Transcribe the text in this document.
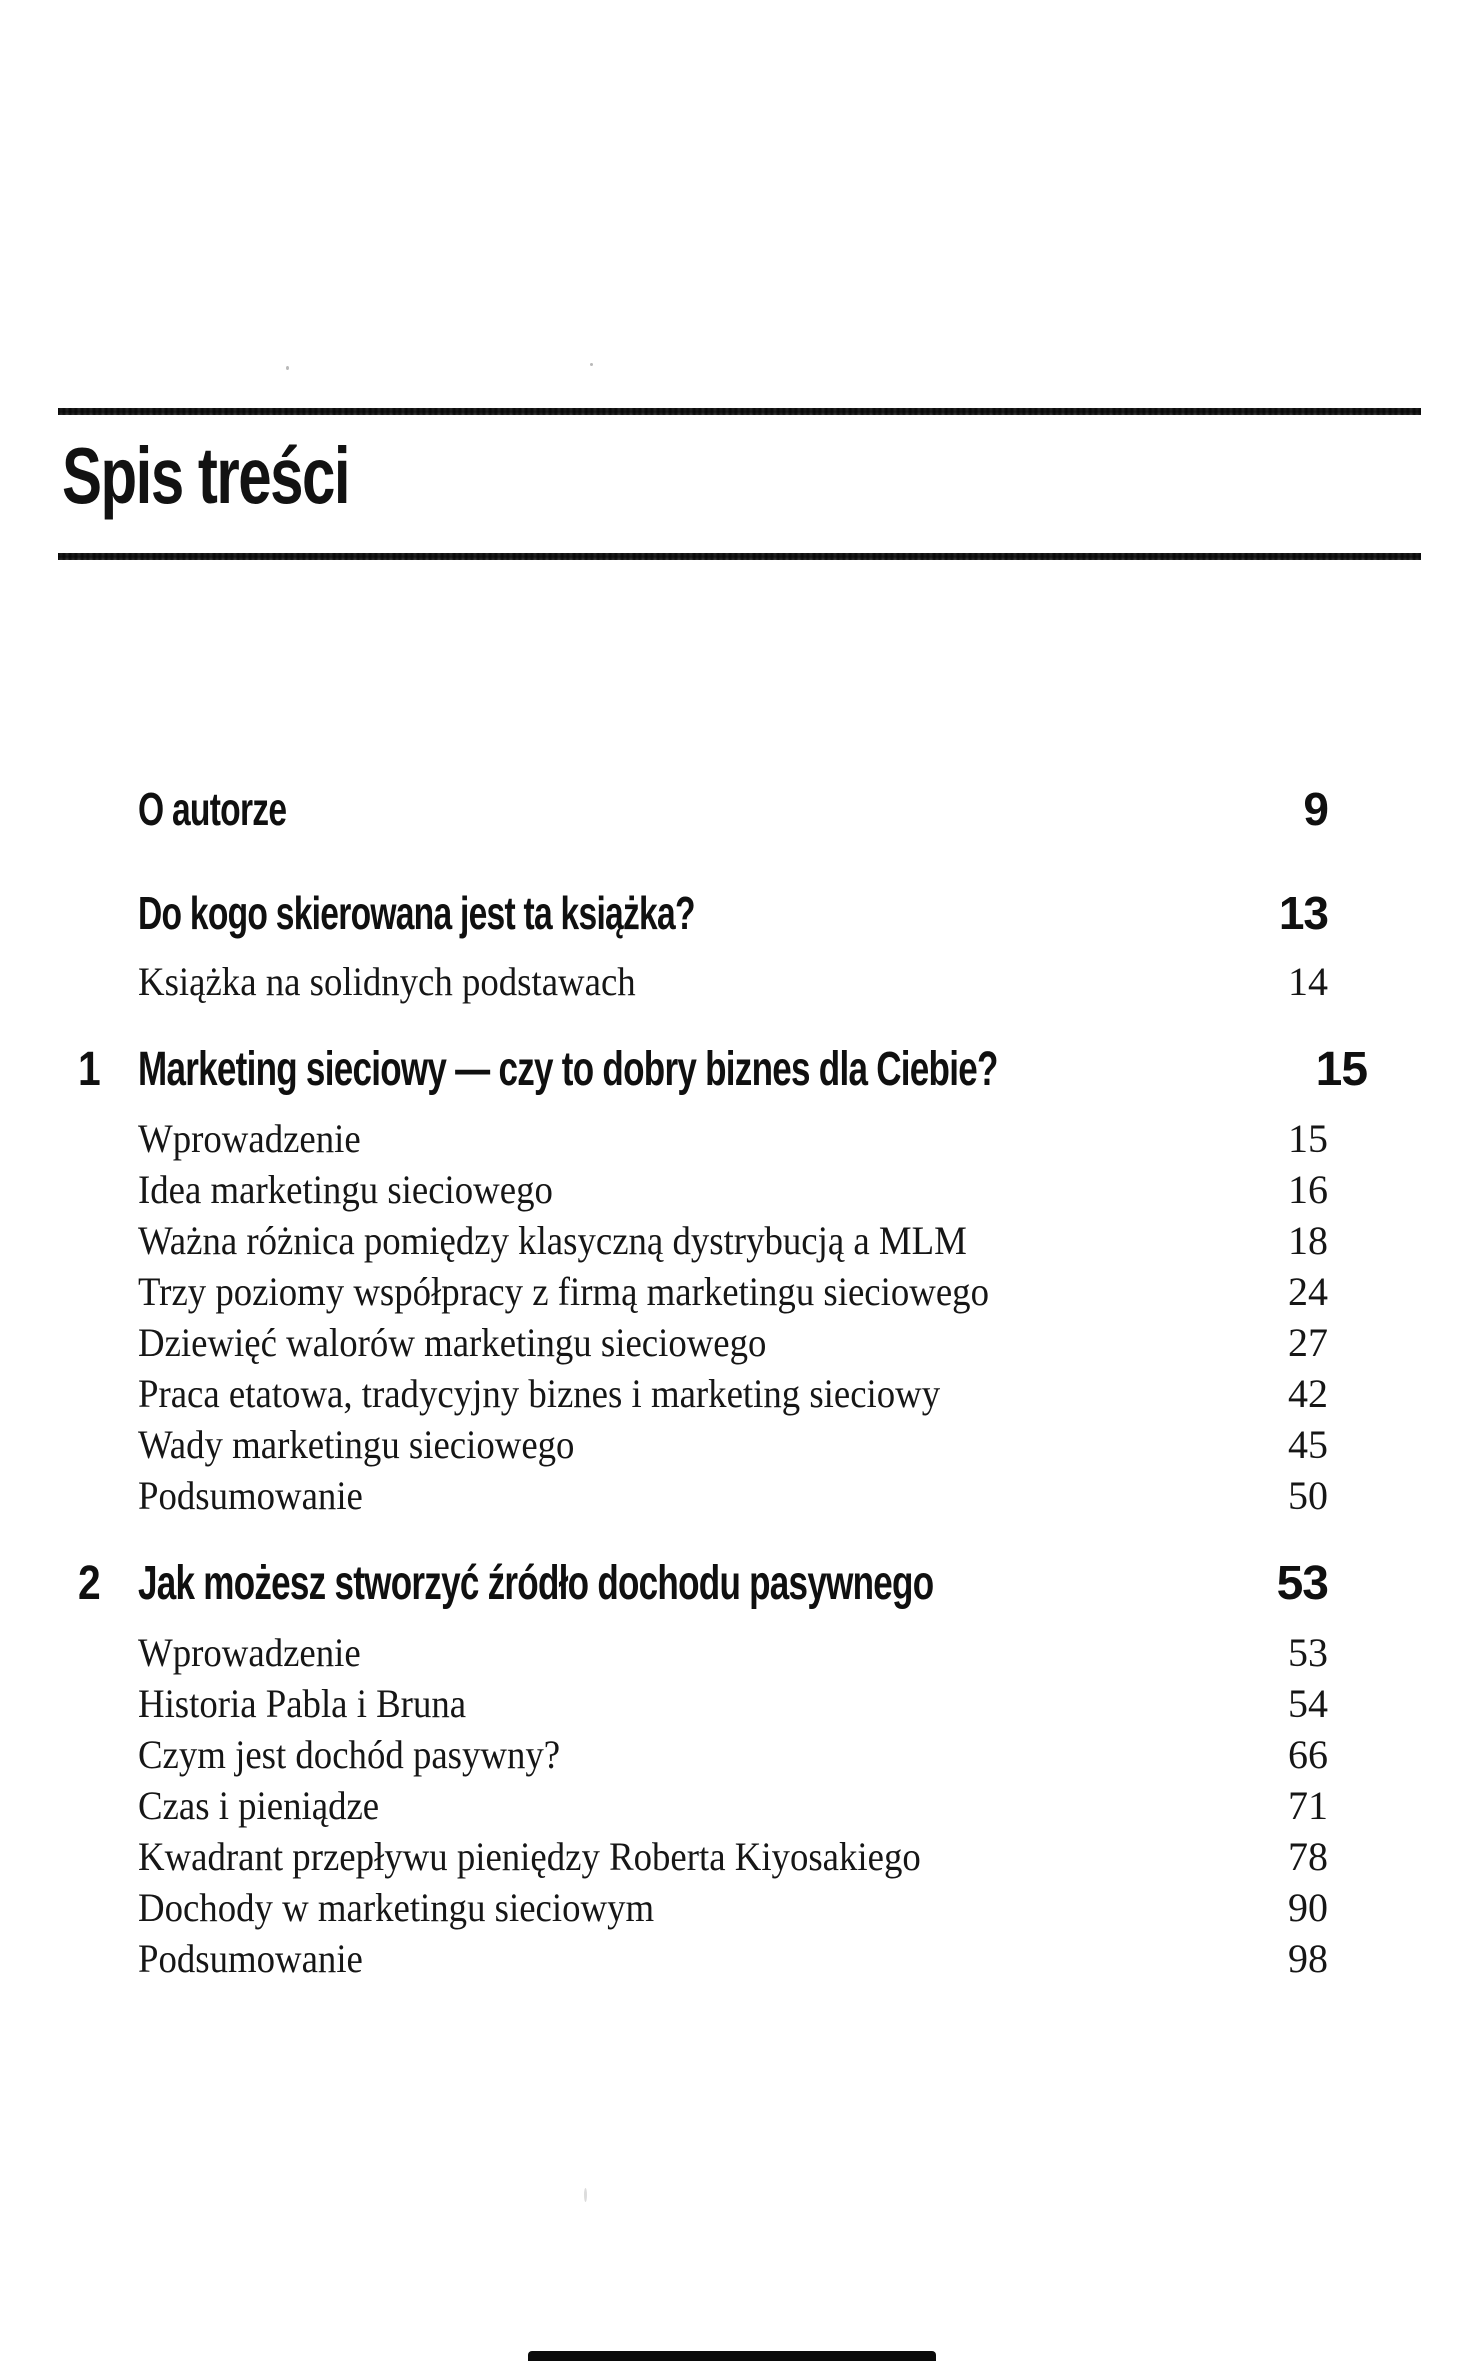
Spis treści
O autorze	9
Do kogo skierowana jest ta książka?	13
Książka na solidnych podstawach	14
1 Marketing sieciowy — czy to dobry biznes dla Ciebie?	15
Wprowadzenie	15
Idea marketingu sieciowego	16
Ważna różnica pomiędzy klasyczną dystrybucją a MLM	18
Trzy poziomy współpracy z firmą marketingu sieciowego	24
Dziewięć walorów marketingu sieciowego	27
Praca etatowa, tradycyjny biznes i marketing sieciowy	42
Wady marketingu sieciowego	45
Podsumowanie	50
2 Jak możesz stworzyć źródło dochodu pasywnego	53
Wprowadzenie	53
Historia Pabla i Bruna	54
Czym jest dochód pasywny?	66
Czas i pieniądze	71
Kwadrant przepływu pieniędzy Roberta Kiyosakiego	78
Dochody w marketingu sieciowym	90
Podsumowanie	98
